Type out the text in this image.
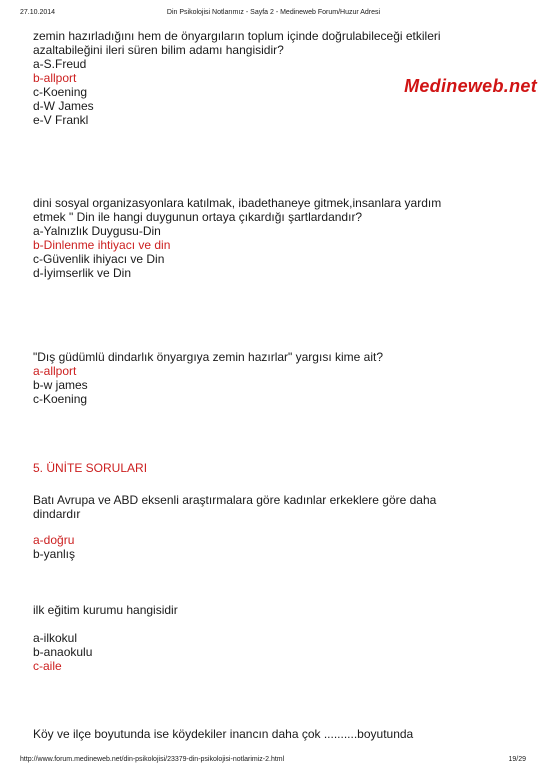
27.10.2014	Din Psikolojisi Notlarımız - Sayfa 2 - Medineweb Forum/Huzur Adresi
Medineweb.net
zemin hazırladığını hem de önyargıların toplum içinde doğrulabileceği etkileri
azaltabileğini ileri süren bilim adamı hangisidir?
a-S.Freud
b-allport
c-Koening
d-W James
e-V Frankl
dini sosyal organizasyonlara katılmak, ibadethaneye gitmek,insanlara yardım
etmek " Din ile hangi duygunun ortaya çıkardığı şartlardandır?
a-Yalnızlık Duygusu-Din
b-Dinlenme ihtiyacı ve din
c-Güvenlik ihiyacı ve Din
d-İyimserlik ve Din
"Dış güdümlü dindarlık önyargıya zemin hazırlar" yargısı kime ait?
a-allport
b-w james
c-Koening
5. ÜNİTE SORULARI
Batı Avrupa ve ABD eksenli araştırmalara göre kadınlar erkeklere göre daha
dindardır
a-doğru
b-yanlış
ilk eğitim kurumu hangisidir
a-ilkokul
b-anaokulu
c-aile
Köy ve ilçe boyutunda ise köydekiler inancın daha çok ..........boyutunda
http://www.forum.medineweb.net/din-psikolojisi/23379-din-psikolojisi-notlarimiz-2.html	19/29
